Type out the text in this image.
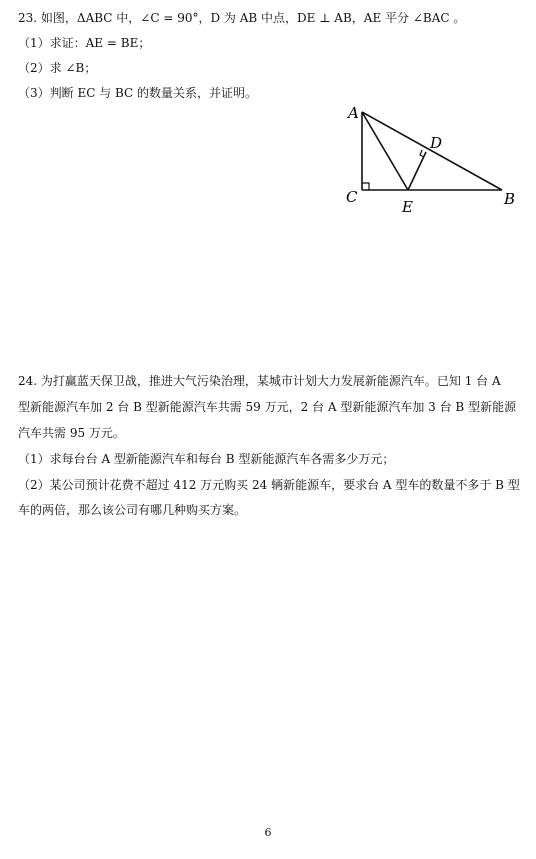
23. 如图，ΔABC 中，∠C = 90°，D 为 AB 中点，DE ⊥ AB，AE 平分 ∠BAC 。
（1）求证：AE = BE；
（2）求 ∠B；
（3）判断 EC 与 BC 的数量关系，并证明。
A
C
E
D
B
24. 为打赢蓝天保卫战，推进大气污染治理，某城市计划大力发展新能源汽车。已知 1 台 A
型新能源汽车加 2 台 B 型新能源汽车共需 59 万元，2 台 A 型新能源汽车加 3 台 B 型新能源
汽车共需 95 万元。
（1）求每台台 A 型新能源汽车和每台 B 型新能源汽车各需多少万元；
（2）某公司预计花费不超过 412 万元购买 24 辆新能源车，要求台 A 型车的数量不多于 B 型
车的两倍，那么该公司有哪几种购买方案。
6
